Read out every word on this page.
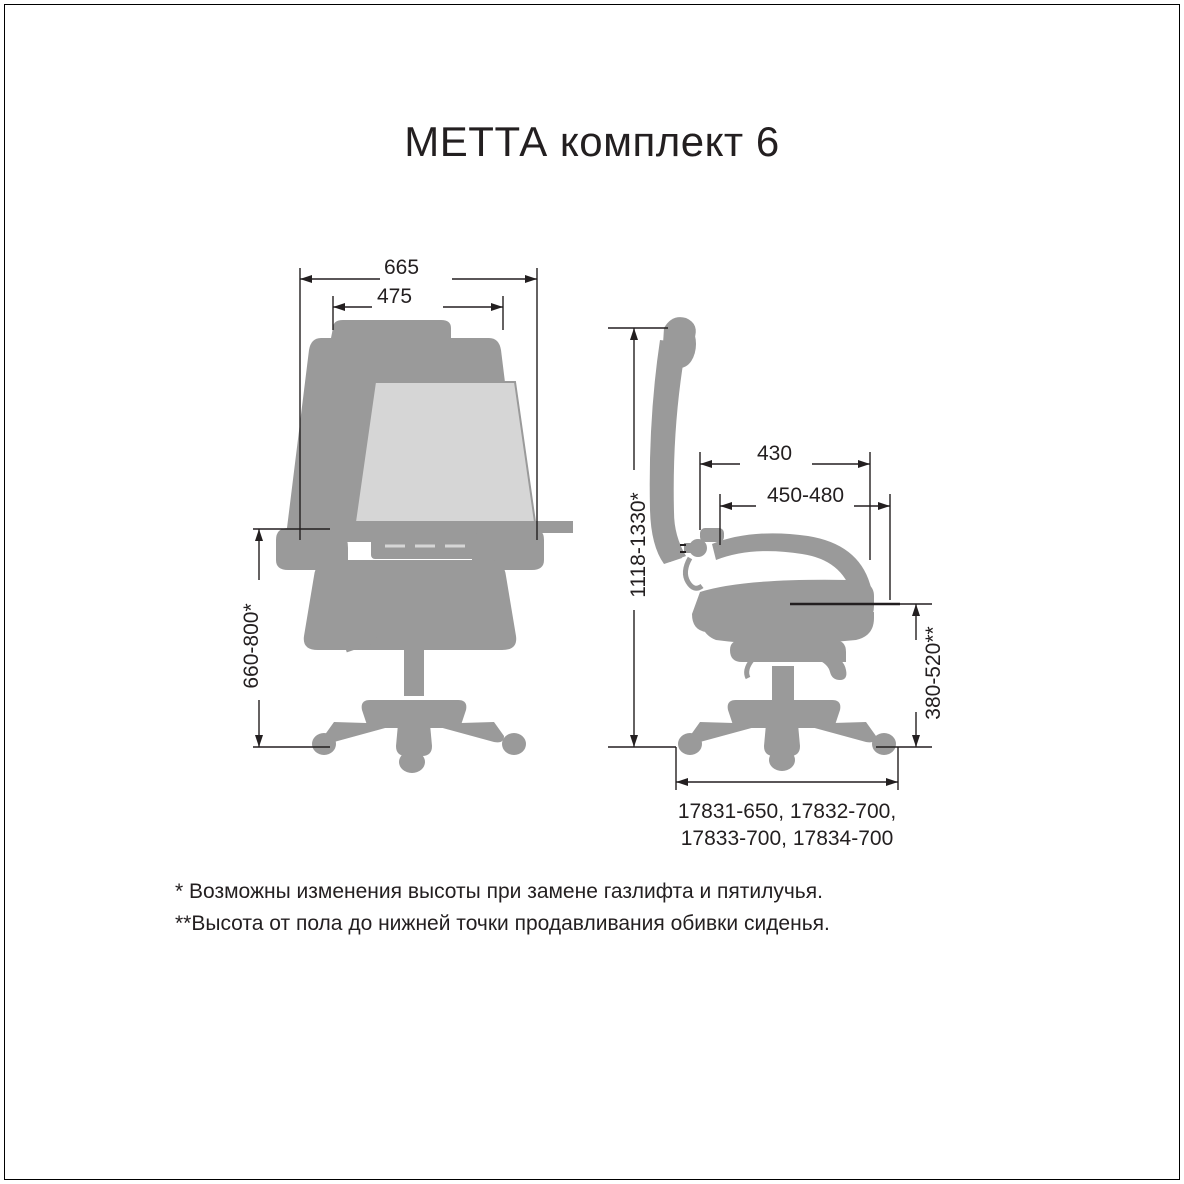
МЕТТА комплект 6
665
475
660-800*
1118-1330*
430
450-480
380-520**
17831-650, 17832-700,
17833-700, 17834-700
* Возможны изменения высоты при замене газлифта и пятилучья.
**Высота от пола до нижней точки продавливания обивки сиденья.
